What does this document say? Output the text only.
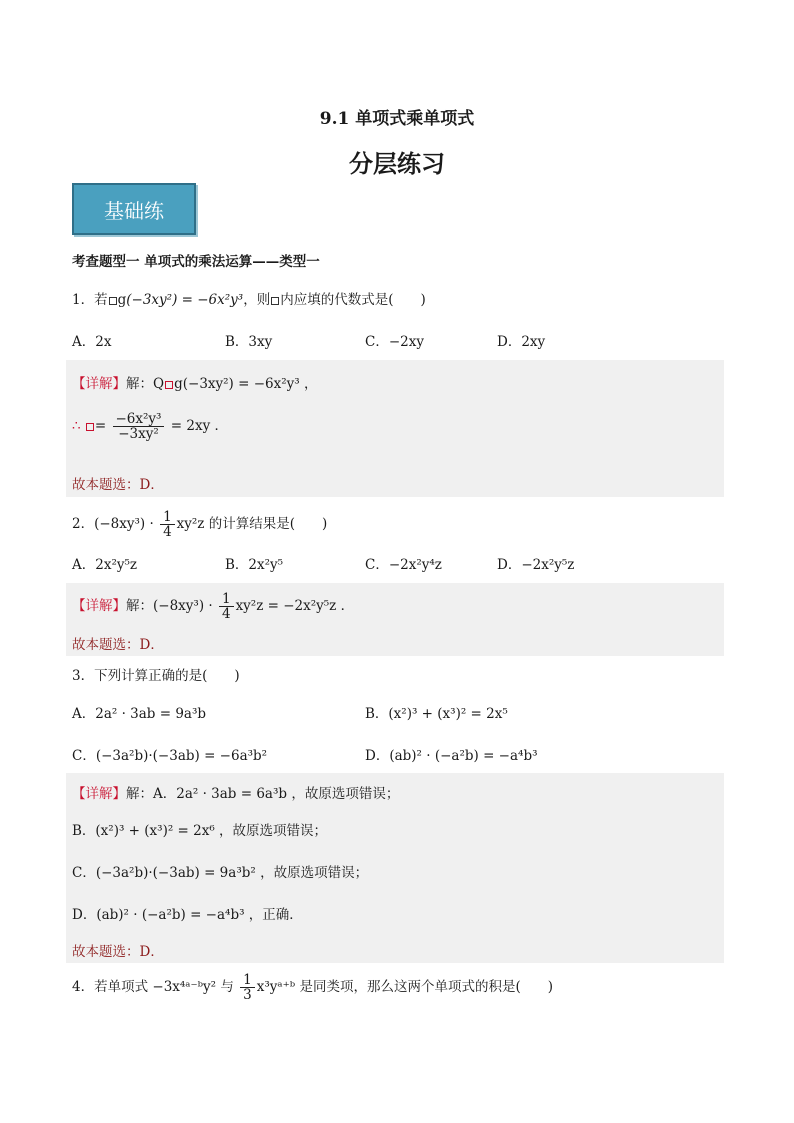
9.1 单项式乘单项式
分层练习
基础练
考查题型一 单项式的乘法运算——类型一
1．若 g(−3xy²) = −6x²y³，则 内应填的代数式是(　　)
A．2x	B．3xy	C．−2xy	D．2xy
【详解】解：Q g(−3xy²) = −6x²y³ ，
∴ = $\frac{\text{−6x²y³}}{\text{−3xy²}} = 2xy$ ．
故本题选：D．
2．$(-8xy^3) \cdot \frac{1}{4} xy^2z$ 的计算结果是(　　)
A．2x²y⁵z	B．2x²y⁵	C．−2x²y⁴z	D．−2x²y⁵z
【详解】解：$(-8xy^3) \cdot \frac{1}{4} xy^2z = -2x^2y^5z$ ．
故本题选：D．
3．下列计算正确的是(　　)
A．2a² · 3ab = 9a³b	B．(x²)³ + (x³)² = 2x⁵
C．(−3a²b)·(−3ab) = −6a³b²	D．(ab)² · (−a²b) = −a⁴b³
【详解】解：A．2a² · 3ab = 6a³b ，故原选项错误；
B．(x²)³ + (x³)² = 2x⁶ ，故原选项错误；
C．(−3a²b)·(−3ab) = 9a³b² ，故原选项错误；
D．(ab)² · (−a²b) = −a⁴b³ ，正确．
故本题选：D．
4．若单项式 −3x⁴ᵃ⁻ᵇy² 与 $\frac{1}{3}$ x³yᵃ⁺ᵇ 是同类项，那么这两个单项式的积是(　　)
